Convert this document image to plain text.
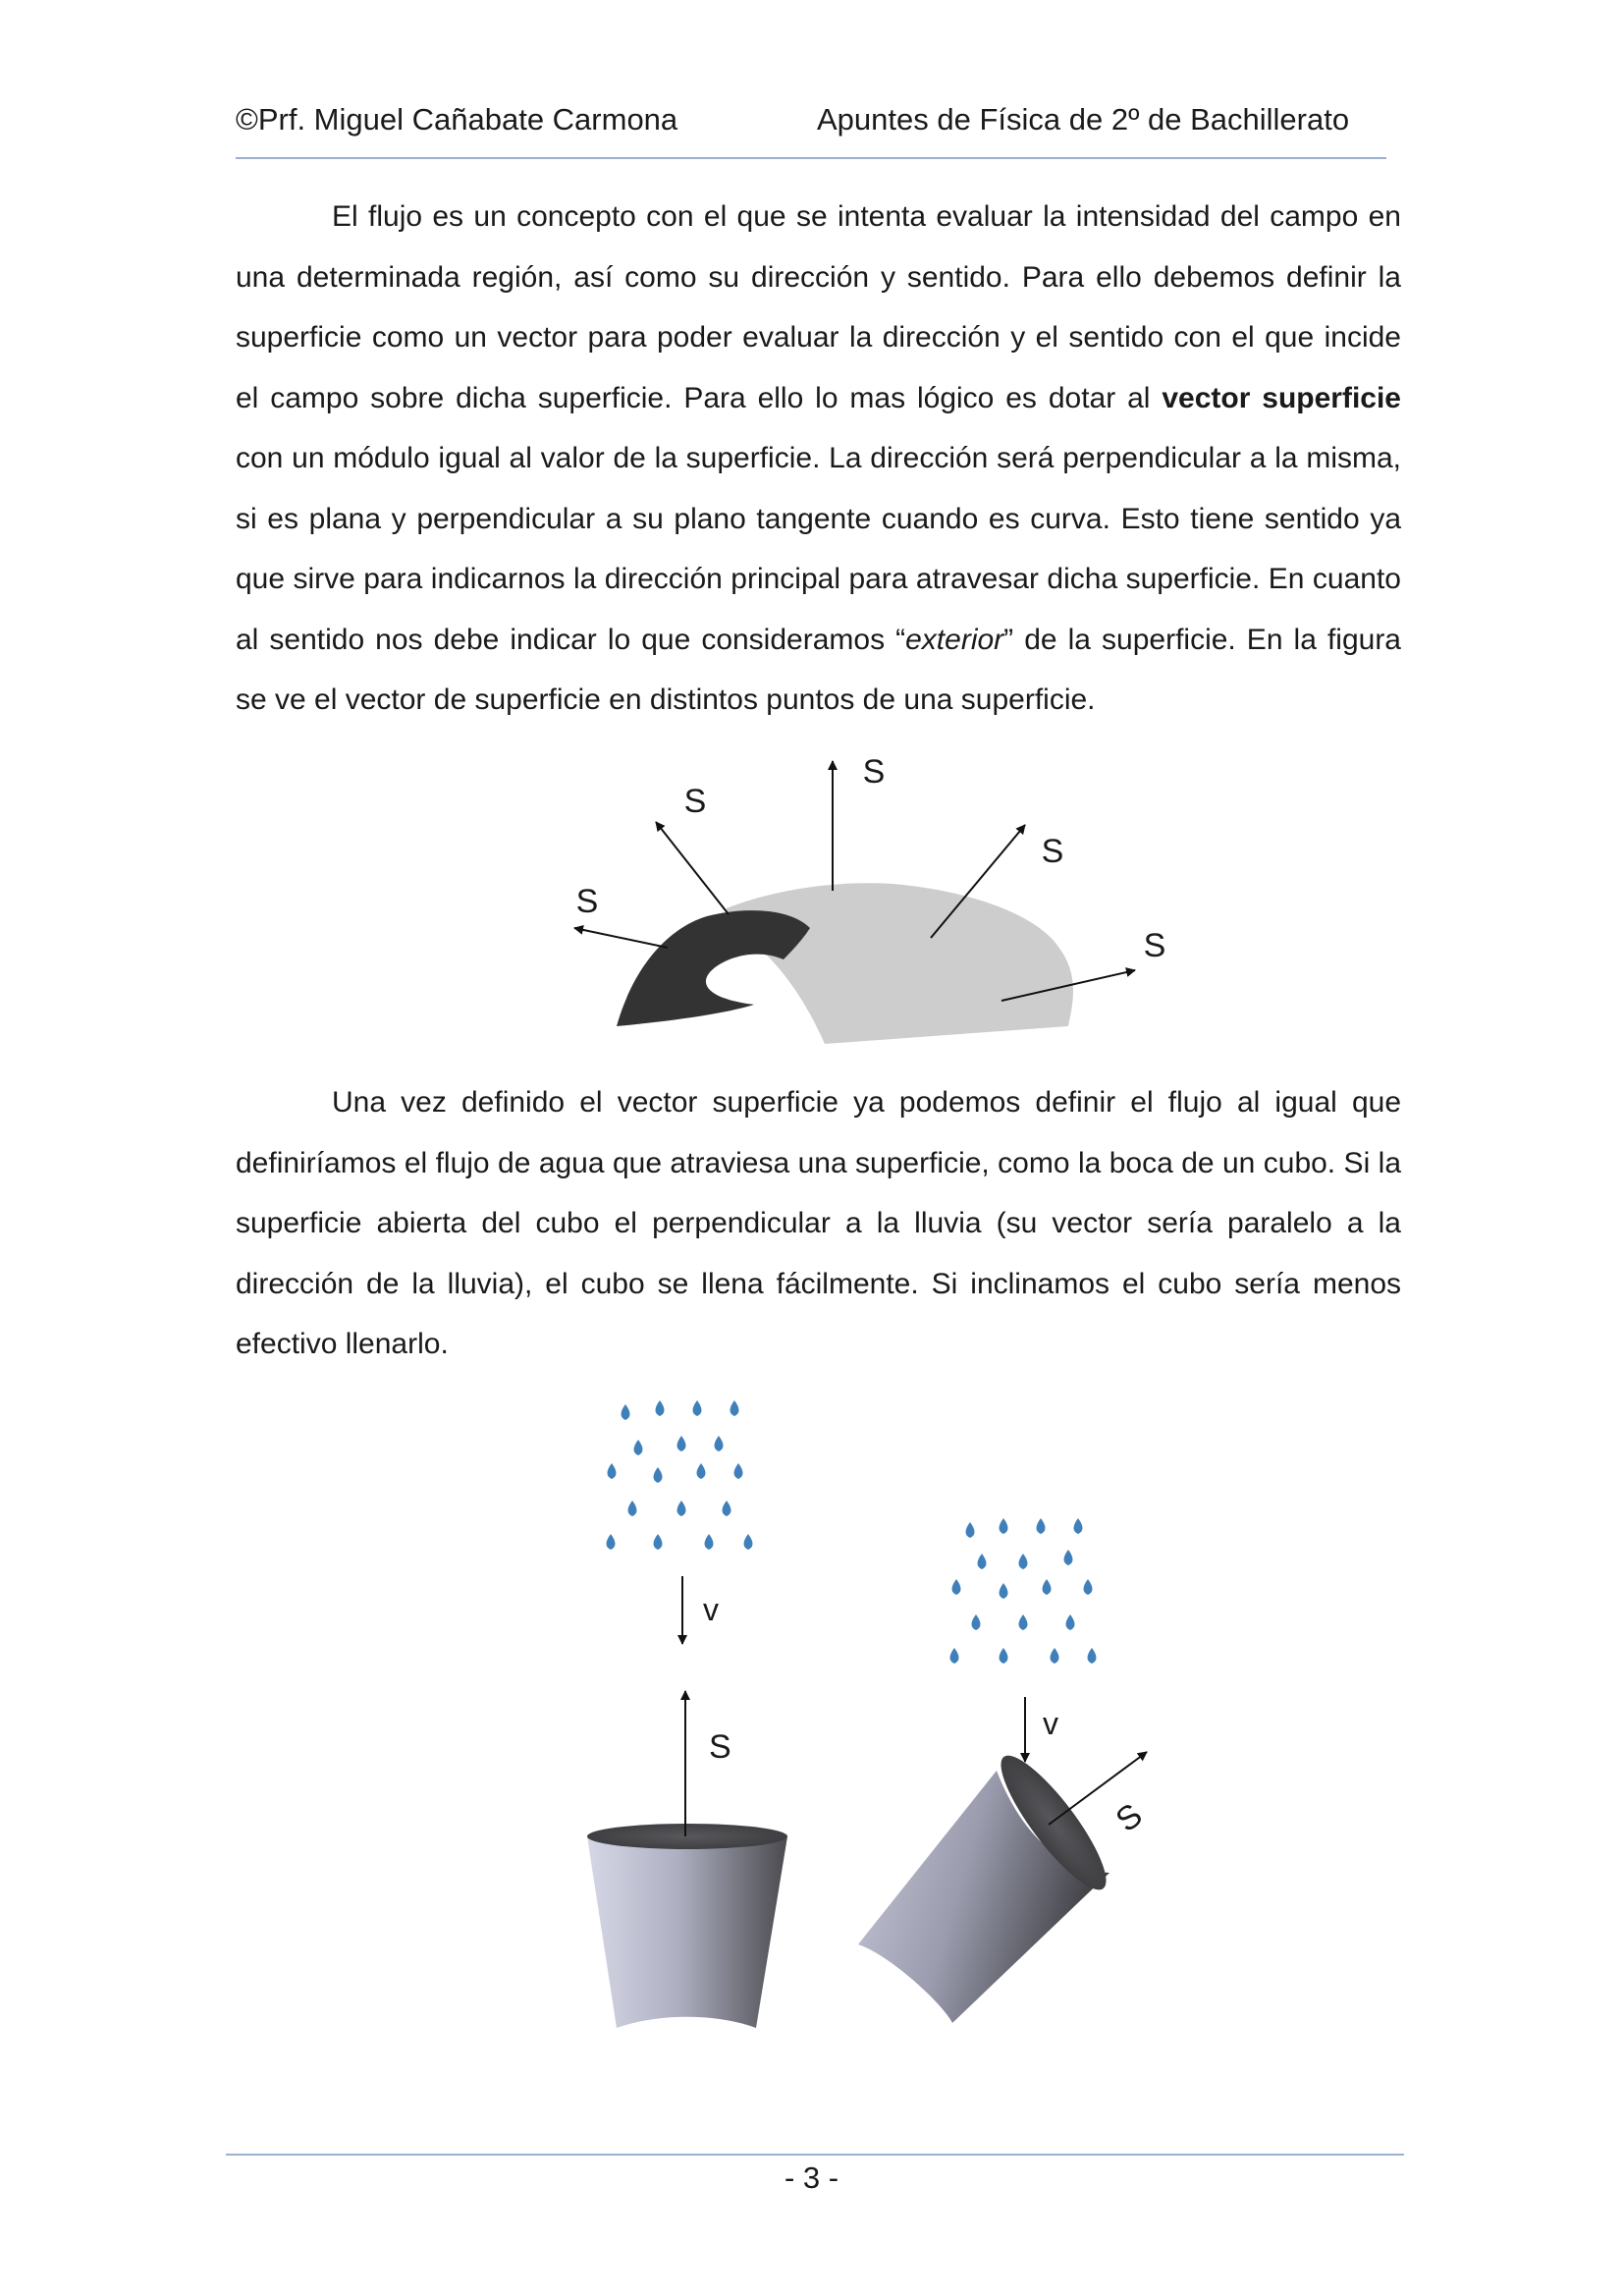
©Prf. Miguel Cañabate Carmona	Apuntes de Física de 2º de Bachillerato

El flujo es un concepto con el que se intenta evaluar la intensidad del campo en una determinada región, así como su dirección y sentido. Para ello debemos definir la superficie como un vector para poder evaluar la dirección y el sentido con el que incide el campo sobre dicha superficie. Para ello lo mas lógico es dotar al vector superficie con un módulo igual al valor de la superficie. La dirección será perpendicular a la misma, si es plana y perpendicular a su plano tangente cuando es curva. Esto tiene sentido ya que sirve para indicarnos la dirección principal para atravesar dicha superficie. En cuanto al sentido nos debe indicar lo que consideramos “exterior” de la superficie. En la figura se ve el vector de superficie en distintos puntos de una superficie.

S
S
S
S
S

Una vez definido el vector superficie ya podemos definir el flujo al igual que definiríamos el flujo de agua que atraviesa una superficie, como la boca de un cubo. Si la superficie abierta del cubo el perpendicular a la lluvia (su vector sería paralelo a la dirección de la lluvia), el cubo se llena fácilmente. Si inclinamos el cubo sería menos efectivo llenarlo.

v
v
S
S
- 3 -
